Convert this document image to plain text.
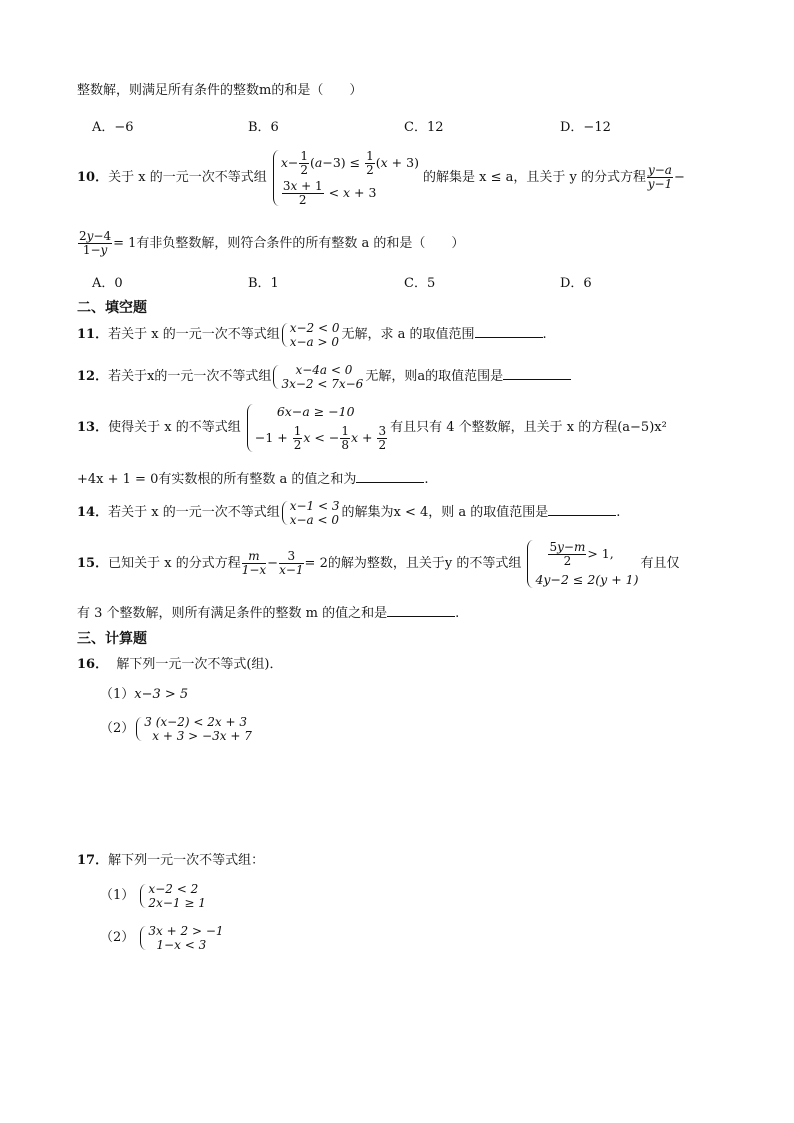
整数解，则满足所有条件的整数m的和是（　　）
A．−6	B．6	C．12	D．−12
10．关于 x 的一元一次不等式组
$x- \frac{1}{2} (a-3) \le \frac{1}{2} (x + 3)$
$\frac{3x + 1}{2} < x + 3$
的解集是 x ≤ a，且关于 y 的分式方程 $\frac{y-a}{y-1}$ −
$\frac{2y-4}{1-y} = 1$有非负整数解，则符合条件的所有整数 a 的和是（　　）
A．0	B．1	C．5	D．6
二、填空题
11．若关于 x 的一元一次不等式组 x−2 < 0
x−a > 0 无解，求 a 的取值范围	.
12．若关于x的一元一次不等式组	x−4a < 0
3x−2 < 7x−6 无解，则a的取值范围是
13．使得关于 x 的不等式组
6x−a ≥ −10
$-1 + \frac{1}{2}$ x < − $\frac{1}{8}$ $x + \frac{3}{2}$ 有且只有 4 个整数解，且关于 x 的方程(a−5)x²
+4x + 1 = 0有实数根的所有整数 a 的值之和为	.
14．若关于 x 的一元一次不等式组 x−1 < 3
x−a < 0 的解集为x < 4，则 a 的取值范围是	.
15．已知关于 x 的分式方程 $\frac{m}{1-x} - \frac{3}{x-1} = 2$的解为整数，且关于y 的不等式组 $\frac{5y-m}{2} > 1$,
4y−2 ≤ 2(y + 1)
有且仅
有 3 个整数解，则所有满足条件的整数 m 的值之和是	.
三、计算题
16． 解下列一元一次不等式(组)．
（1）x−3 > 5
（2） 3 (x−2) < 2x + 3
x + 3 > −3x + 7
17．解下列一元一次不等式组：
（1） x−2 < 2
2x−1 ≥ 1
（2） 3x + 2 > −1
1−x < 3
